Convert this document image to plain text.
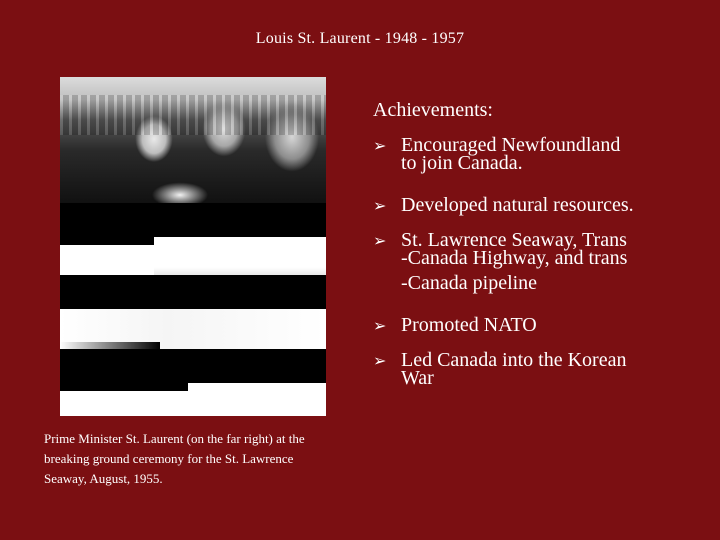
Louis St. Laurent - 1948 - 1957
Prime Minister St. Laurent (on the far right) at the breaking ground ceremony for the St. Lawrence Seaway, August, 1955.
Achievements:
➢ Encouraged Newfoundland
to join Canada.
➢ Developed natural resources.
➢ St. Lawrence Seaway, Trans
-Canada Highway, and trans
-Canada pipeline
➢ Promoted NATO
➢ Led Canada into the Korean
War
